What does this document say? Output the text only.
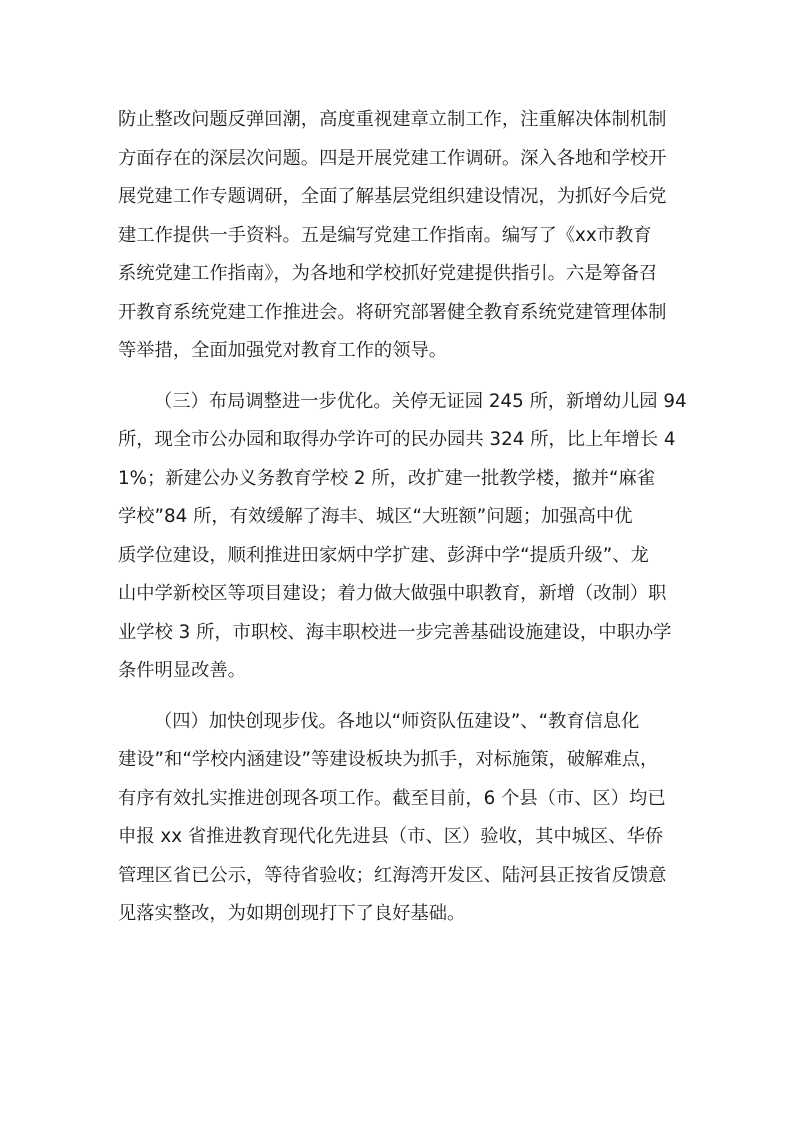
防止整改问题反弹回潮，高度重视建章立制工作，注重解决体制机制
方面存在的深层次问题。四是开展党建工作调研。深入各地和学校开
展党建工作专题调研，全面了解基层党组织建设情况，为抓好今后党
建工作提供一手资料。五是编写党建工作指南。编写了《xx市教育
系统党建工作指南》，为各地和学校抓好党建提供指引。六是筹备召
开教育系统党建工作推进会。将研究部署健全教育系统党建管理体制
等举措，全面加强党对教育工作的领导。
（三）布局调整进一步优化。关停无证园 245 所，新增幼儿园 94
所，现全市公办园和取得办学许可的民办园共 324 所，比上年增长 4
1%；新建公办义务教育学校 2 所，改扩建一批教学楼，撤并“麻雀
学校”84 所，有效缓解了海丰、城区“大班额”问题；加强高中优
质学位建设，顺利推进田家炳中学扩建、彭湃中学“提质升级”、龙
山中学新校区等项目建设；着力做大做强中职教育，新增（改制）职
业学校 3 所，市职校、海丰职校进一步完善基础设施建设，中职办学
条件明显改善。
（四）加快创现步伐。各地以“师资队伍建设”、“教育信息化
建设”和“学校内涵建设”等建设板块为抓手，对标施策，破解难点，
有序有效扎实推进创现各项工作。截至目前，6 个县（市、区）均已
申报 xx 省推进教育现代化先进县（市、区）验收，其中城区、华侨
管理区省已公示，等待省验收；红海湾开发区、陆河县正按省反馈意
见落实整改，为如期创现打下了良好基础。
